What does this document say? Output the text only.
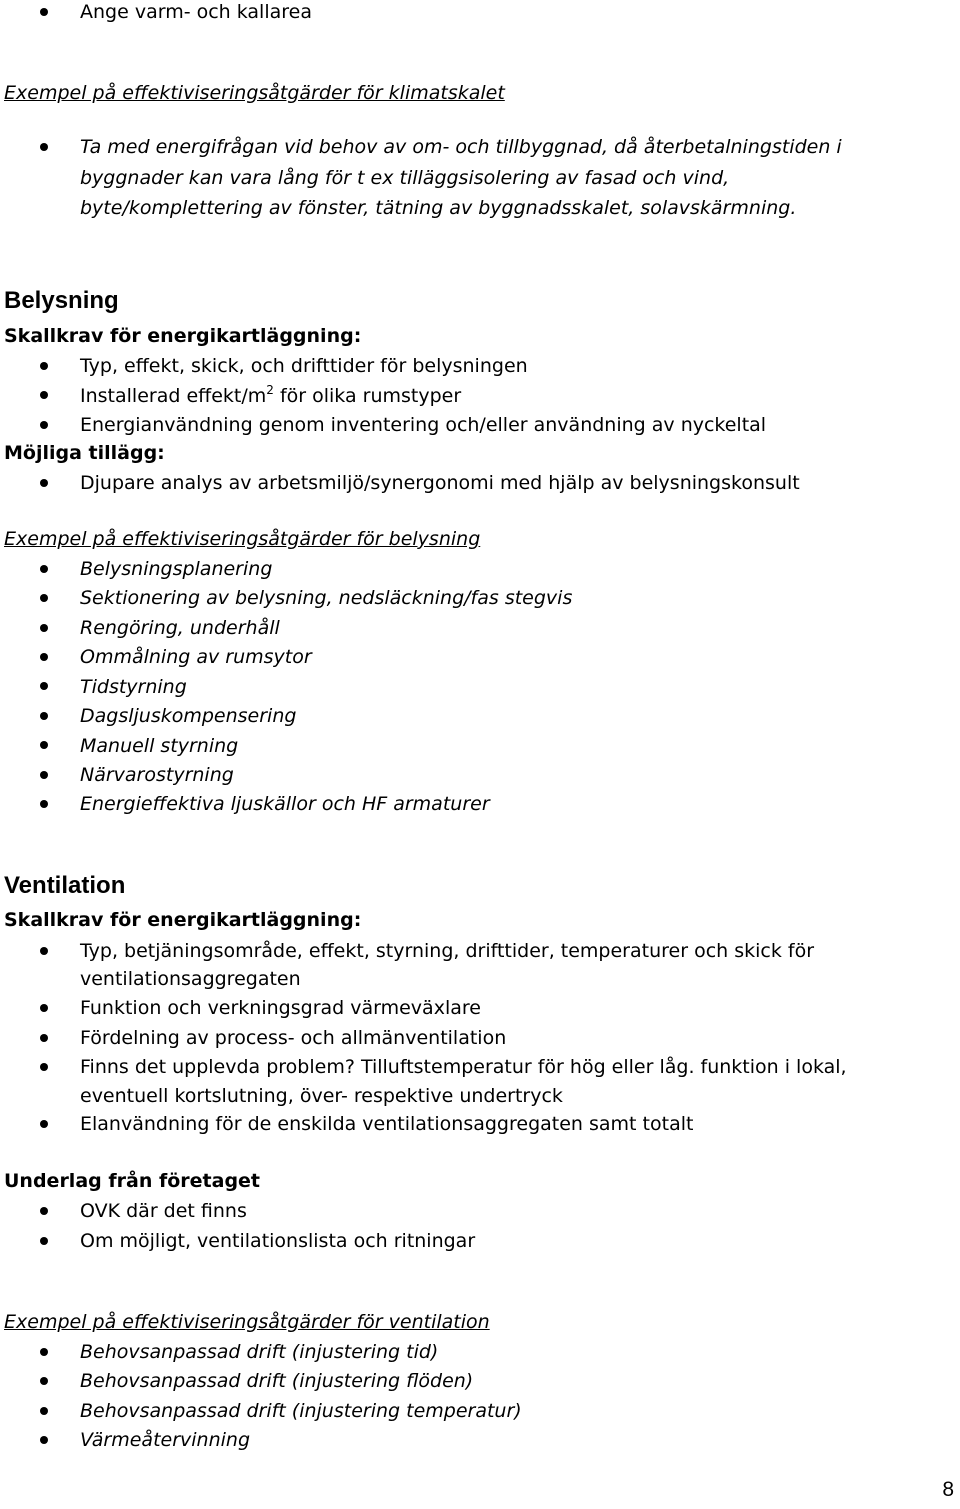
Ange varm- och kallarea
Exempel på effektiviseringsåtgärder för klimatskalet
Ta med energifrågan vid behov av om- och tillbyggnad, då återbetalningstiden i
byggnader kan vara lång för t ex tilläggsisolering av fasad och vind,
byte/komplettering av fönster, tätning av byggnadsskalet, solavskärmning.
Belysning
Skallkrav för energikartläggning:
Typ, effekt, skick, och drifttider för belysningen
Installerad effekt/$m^2$ för olika rumstyper
Energianvändning genom inventering och/eller användning av nyckeltal
Möjliga tillägg:
Djupare analys av arbetsmiljö/synergonomi med hjälp av belysningskonsult
Exempel på effektiviseringsåtgärder för belysning
Belysningsplanering
Sektionering av belysning, nedsläckning/fas stegvis
Rengöring, underhåll
Ommålning av rumsytor
Tidstyrning
Dagsljuskompensering
Manuell styrning
Närvarostyrning
Energieffektiva ljuskällor och HF armaturer
Ventilation
Skallkrav för energikartläggning:
Typ, betjäningsområde, effekt, styrning, drifttider, temperaturer och skick för
ventilationsaggregaten
Funktion och verkningsgrad värmeväxlare
Fördelning av process- och allmänventilation
Finns det upplevda problem? Tilluftstemperatur för hög eller låg. funktion i lokal,
eventuell kortslutning, över- respektive undertryck
Elanvändning för de enskilda ventilationsaggregaten samt totalt
Underlag från företaget
OVK där det finns
Om möjligt, ventilationslista och ritningar
Exempel på effektiviseringsåtgärder för ventilation
Behovsanpassad drift (injustering tid)
Behovsanpassad drift (injustering flöden)
Behovsanpassad drift (injustering temperatur)
Värmeåtervinning
8
